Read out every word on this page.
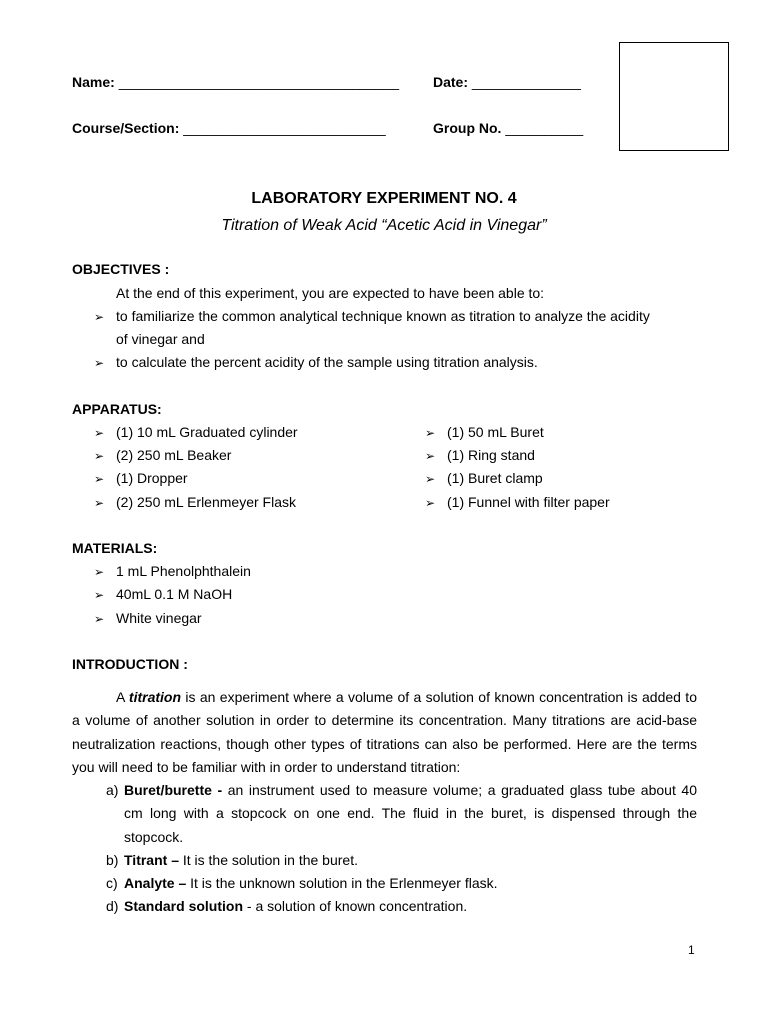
Name: ____________________________________ Date: ______________
Course/Section: __________________________	Group No. __________
LABORATORY EXPERIMENT NO. 4
Titration of Weak Acid “Acetic Acid in Vinegar”
OBJECTIVES :
At the end of this experiment, you are expected to have been able to:
➢ to familiarize the common analytical technique known as titration to analyze the acidity
of vinegar and
➢ to calculate the percent acidity of the sample using titration analysis.
APPARATUS:
➢ (1) 10 mL Graduated cylinder
➢ (2) 250 mL Beaker
➢ (1) Dropper
➢ (2) 250 mL Erlenmeyer Flask
➢ (1) 50 mL Buret
➢ (1) Ring stand
➢ (1) Buret clamp
➢ (1) Funnel with filter paper
MATERIALS:
➢ 1 mL Phenolphthalein
➢ 40mL 0.1 M NaOH
➢ White vinegar
INTRODUCTION :

A titration is an experiment where a volume of a solution of known concentration is added to a volume of another solution in order to determine its concentration. Many titrations are acid-base neutralization reactions, though other types of titrations can also be performed. Here are the terms you will need to be familiar with in order to understand titration:

a) Buret/burette - an instrument used to measure volume; a graduated glass tube about 40 cm long with a stopcock on one end. The fluid in the buret, is dispensed through the stopcock.
b) Titrant – It is the solution in the buret.
c) Analyte – It is the unknown solution in the Erlenmeyer flask.
d) Standard solution - a solution of known concentration.
1
